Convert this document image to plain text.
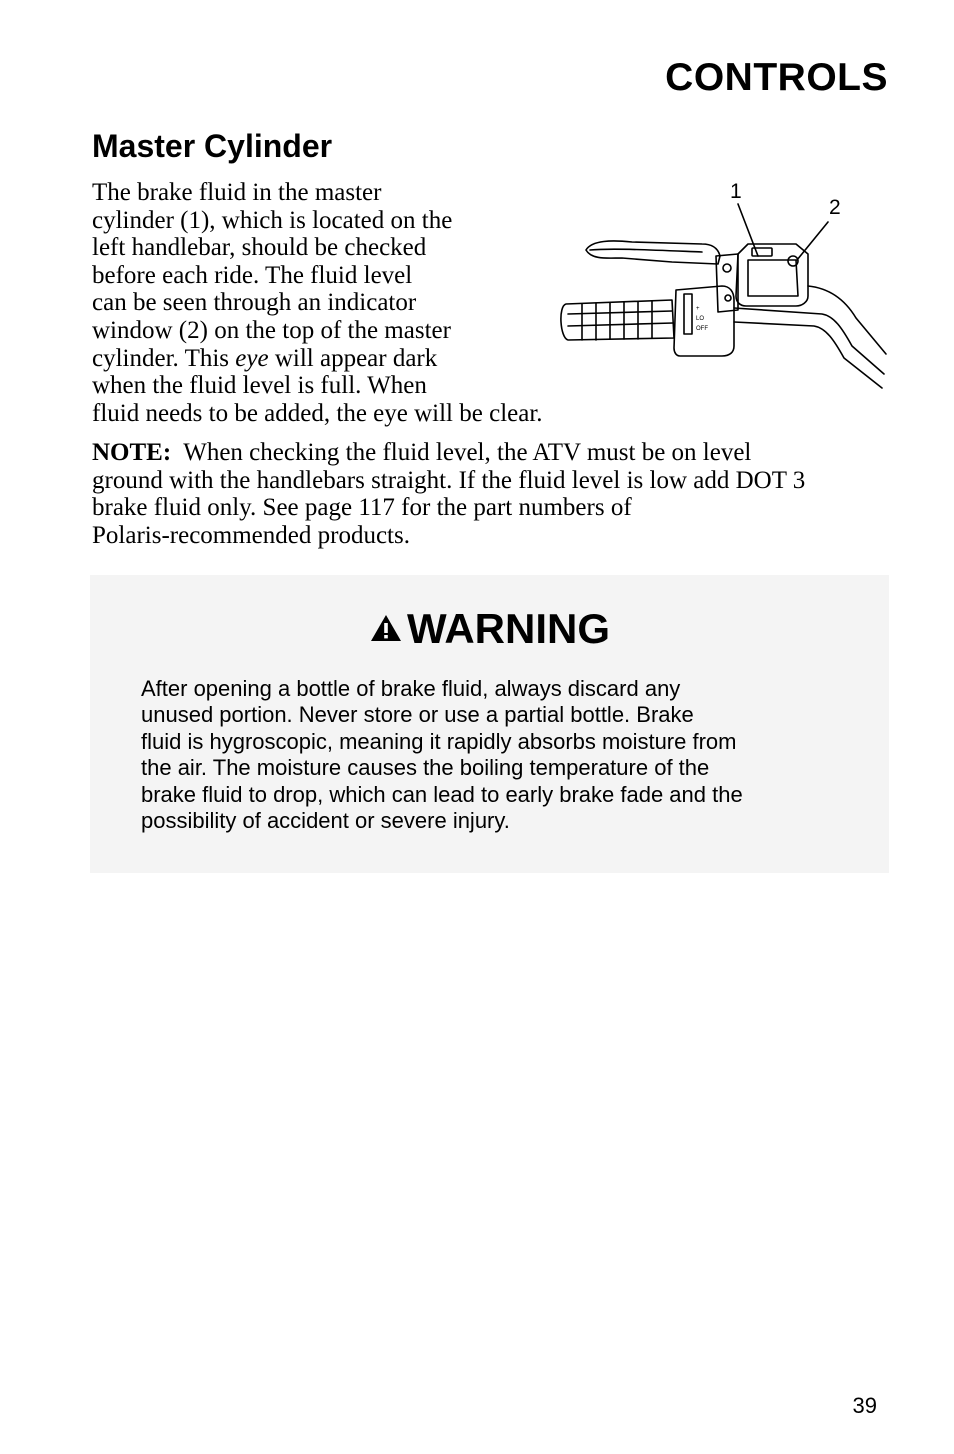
CONTROLS
Master Cylinder
The brake fluid in the master
cylinder (1), which is located on the
left handlebar, should be checked
before each ride. The fluid level
can be seen through an indicator
window (2) on the top of the master
cylinder. This eye will appear dark
when the fluid level is full. When
fluid needs to be added, the eye will be clear.
1
2
+
LO
OFF
NOTE:  When checking the fluid level, the ATV must be on level
ground with the handlebars straight. If the fluid level is low add DOT 3
brake fluid only. See page 117 for the part numbers of
Polaris-recommended products.
WARNING
After opening a bottle of brake fluid, always discard any
unused portion. Never store or use a partial bottle. Brake
fluid is hygroscopic, meaning it rapidly absorbs moisture from
the air. The moisture causes the boiling temperature of the
brake fluid to drop, which can lead to early brake fade and the
possibility of accident or severe injury.
39
